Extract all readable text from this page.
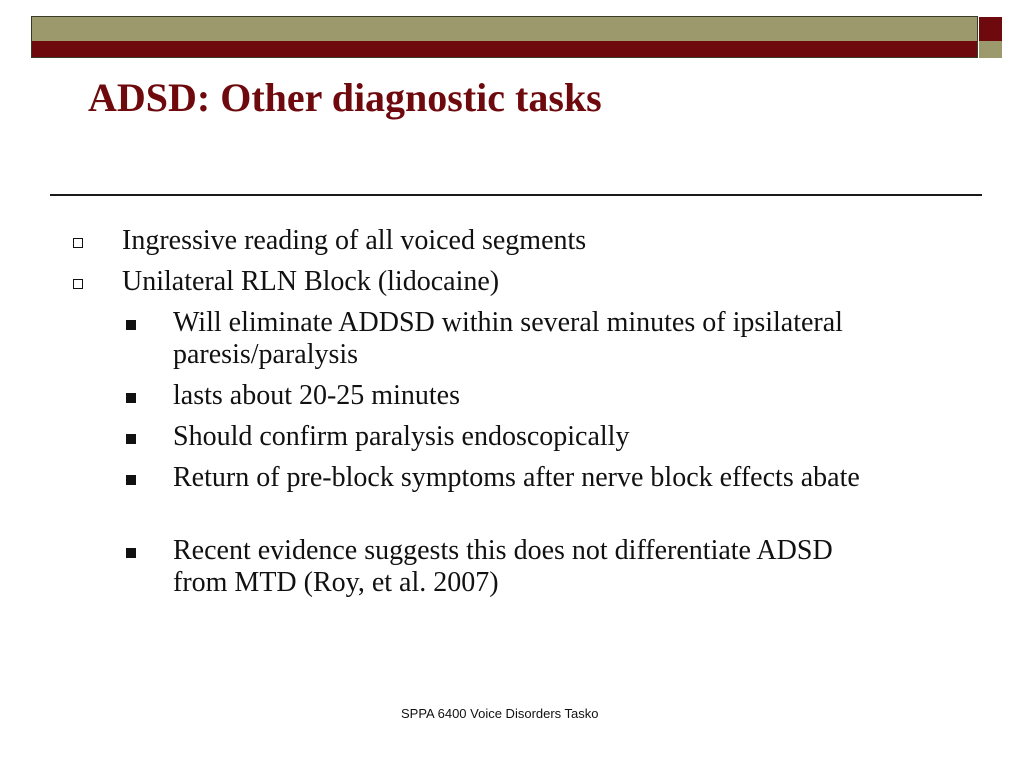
ADSD: Other diagnostic tasks
Ingressive reading of all voiced segments
Unilateral RLN Block (lidocaine)
Will eliminate ADDSD within several minutes of ipsilateral paresis/paralysis
lasts about 20-25 minutes
Should confirm paralysis endoscopically
Return of pre-block symptoms after nerve block effects abate
Recent evidence suggests this does not differentiate ADSD from MTD (Roy, et al. 2007)
SPPA 6400 Voice Disorders Tasko
